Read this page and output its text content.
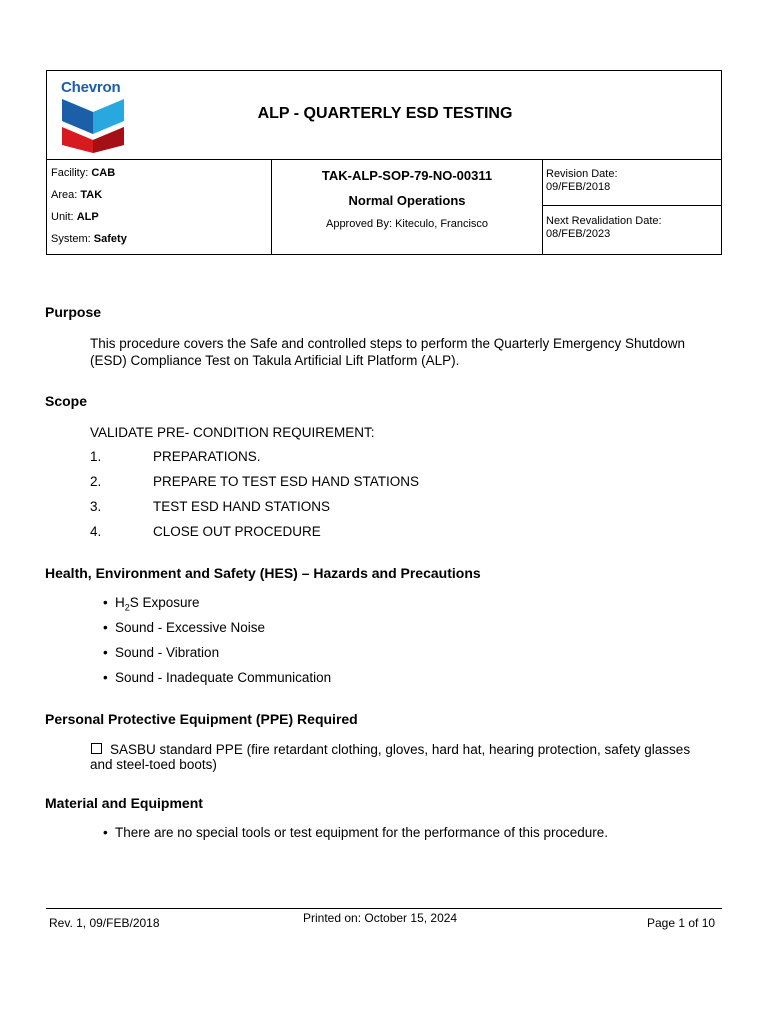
Chevron
ALP - QUARTERLY ESD TESTING
Facility: CAB
Area: TAK
Unit: ALP
System: Safety
TAK-ALP-SOP-79-NO-00311
Normal Operations
Approved By: Kiteculo, Francisco
Revision Date:
09/FEB/2018
Next Revalidation Date:
08/FEB/2023
Purpose
This procedure covers the Safe and controlled steps to perform the Quarterly Emergency Shutdown
(ESD) Compliance Test on Takula Artificial Lift Platform (ALP).
Scope
VALIDATE PRE- CONDITION REQUIREMENT:
1.	PREPARATIONS.
2.	PREPARE TO TEST ESD HAND STATIONS
3.	TEST ESD HAND STATIONS
4.	CLOSE OUT PROCEDURE
Health, Environment and Safety (HES) – Hazards and Precautions
• $H_2S$ Exposure
• Sound - Excessive Noise
• Sound - Vibration
• Sound - Inadequate Communication
Personal Protective Equipment (PPE) Required
SASBU standard PPE (fire retardant clothing, gloves, hard hat, hearing protection, safety glasses
and steel-toed boots)
Material and Equipment
• There are no special tools or test equipment for the performance of this procedure.
Rev. 1, 09/FEB/2018	Printed on: October 15, 2024	Page 1 of 10
